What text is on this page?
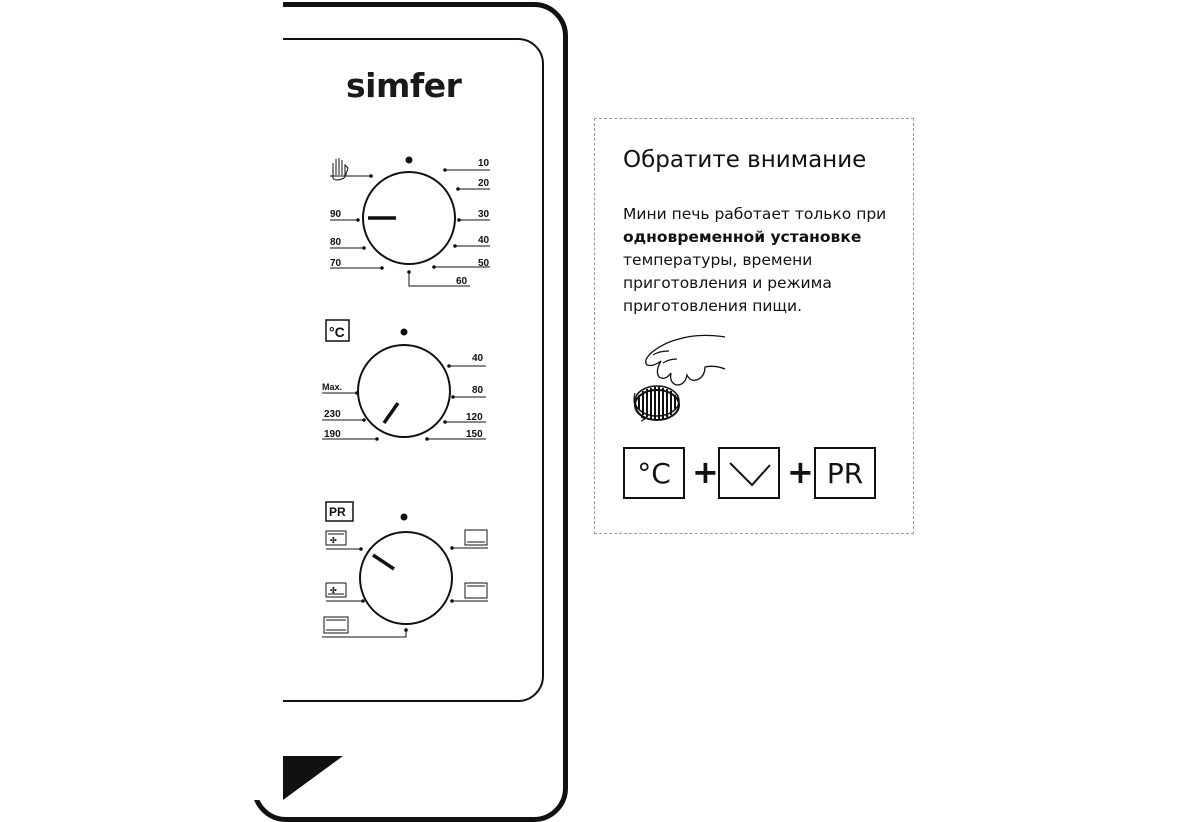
simfer
90
80
70
10
20
30
40
50
60
°C
Max.
230
190
40
80
120
150
PR
✣
✣
Обратите внимание
Мини печь работает только при одновременной установке температуры, времени приготовления и режима приготовления пищи.
°C + + PR
